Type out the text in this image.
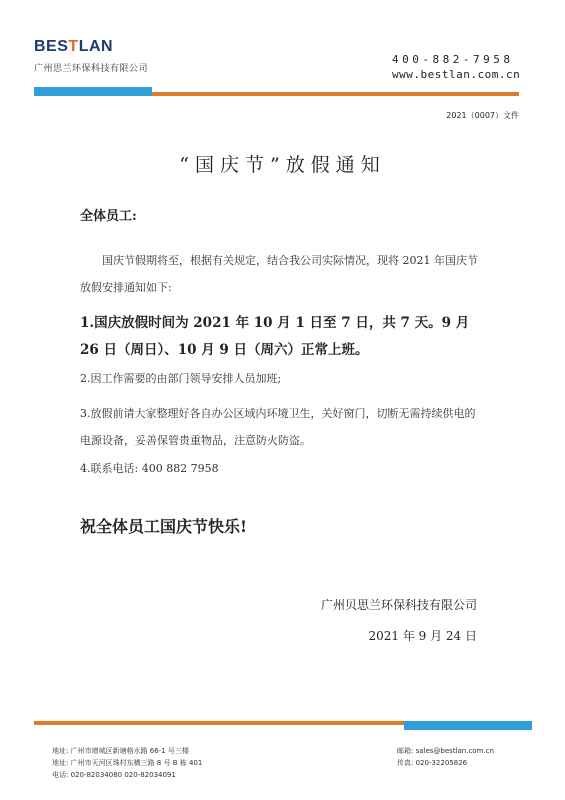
BESTLAN
广州思兰环保科技有限公司
400-882-7958
www.bestlan.com.cn
2021（0007）文件
“国庆节”放假通知
全体员工:
国庆节假期将至，根据有关规定，结合我公司实际情况，现将 2021 年国庆节放假安排通知如下:
1.国庆放假时间为 2021 年 10 月 1 日至 7 日，共 7 天。9 月 26 日（周日）、10 月 9 日（周六）正常上班。
2.因工作需要的由部门领导安排人员加班;
3.放假前请大家整理好各自办公区域内环境卫生，关好窗门，切断无需持续供电的电源设备，妥善保管贵重物品，注意防火防盗。
4.联系电话: 400 882 7958
祝全体员工国庆节快乐!
广州贝思兰环保科技有限公司
2021 年 9 月 24 日
地址: 广州市增城区新塘格水路 66-1 号三楼
地址: 广州市天河区珠村东横三路 8 号 B 栋 401
电话: 020-82034080 020-82034091
邮箱: sales@bestlan.com.cn
传真: 020-32205826
